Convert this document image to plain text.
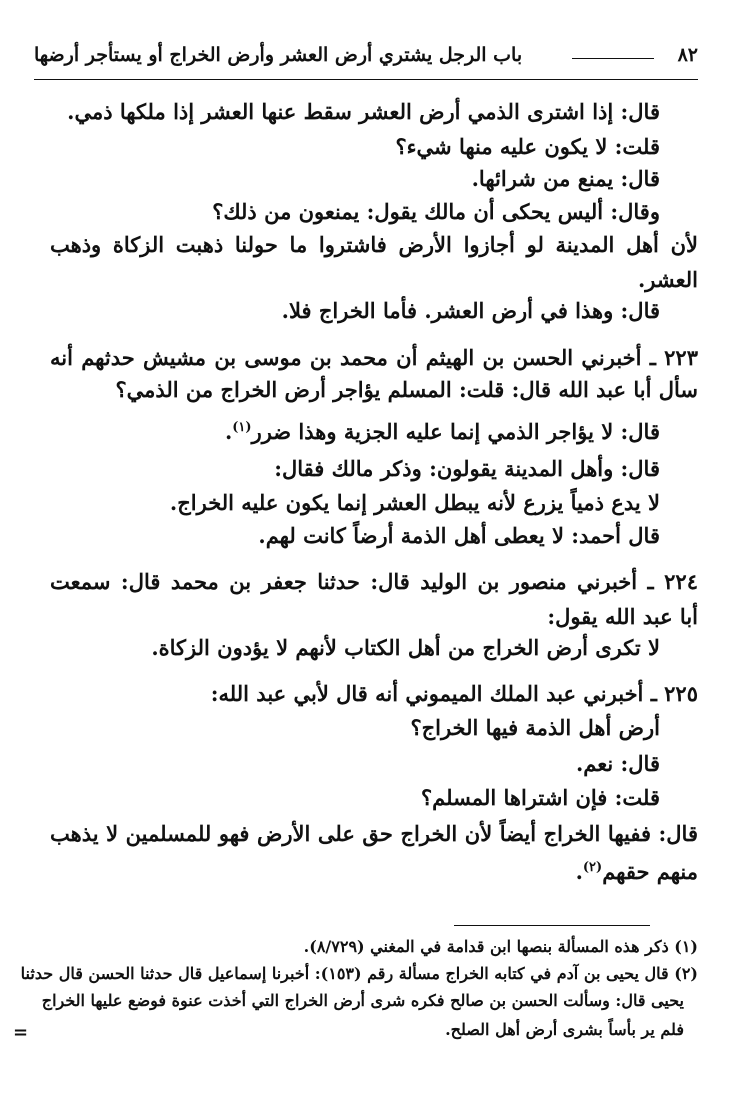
٨٢
باب الرجل يشتري أرض العشر وأرض الخراج أو يستأجر أرضها
قال: إذا اشترى الذمي أرض العشر سقط عنها العشر إذا ملكها ذمي.
قلت: لا يكون عليه منها شيء؟
قال: يمنع من شرائها.
وقال: أليس يحكى أن مالك يقول: يمنعون من ذلك؟
لأن أهل المدينة لو أجازوا الأرض فاشتروا ما حولنا ذهبت الزكاة وذهب
العشر.
قال: وهذا في أرض العشر. فأما الخراج فلا.
٢٢٣ ـ أخبرني الحسن بن الهيثم أن محمد بن موسى بن مشيش حدثهم أنه
سأل أبا عبد الله قال: قلت: المسلم يؤاجر أرض الخراج من الذمي؟
قال: لا يؤاجر الذمي إنما عليه الجزية وهذا ضرر$^{(١)}$.
قال: وأهل المدينة يقولون: وذكر مالك فقال:
لا يدع ذمياً يزرع لأنه يبطل العشر إنما يكون عليه الخراج.
قال أحمد: لا يعطى أهل الذمة أرضاً كانت لهم.
٢٢٤ ـ أخبرني منصور بن الوليد قال: حدثنا جعفر بن محمد قال: سمعت
أبا عبد الله يقول:
لا تكرى أرض الخراج من أهل الكتاب لأنهم لا يؤدون الزكاة.
٢٢٥ ـ أخبرني عبد الملك الميموني أنه قال لأبي عبد الله:
أرض أهل الذمة فيها الخراج؟
قال: نعم.
قلت: فإن اشتراها المسلم؟
قال: ففيها الخراج أيضاً لأن الخراج حق على الأرض فهو للمسلمين لا يذهب
منهم حقهم$^{(٢)}$.
(١) ذكر هذه المسألة بنصها ابن قدامة في المغني (٨/٧٢٩).
(٢) قال يحيى بن آدم في كتابه الخراج مسألة رقم (١٥٣): أخبرنا إسماعيل قال حدثنا الحسن قال حدثنا
يحيى قال: وسألت الحسن بن صالح فكره شرى أرض الخراج التي أخذت عنوة فوضع عليها الخراج
فلم ير بأساً بشرى أرض أهل الصلح.
=
